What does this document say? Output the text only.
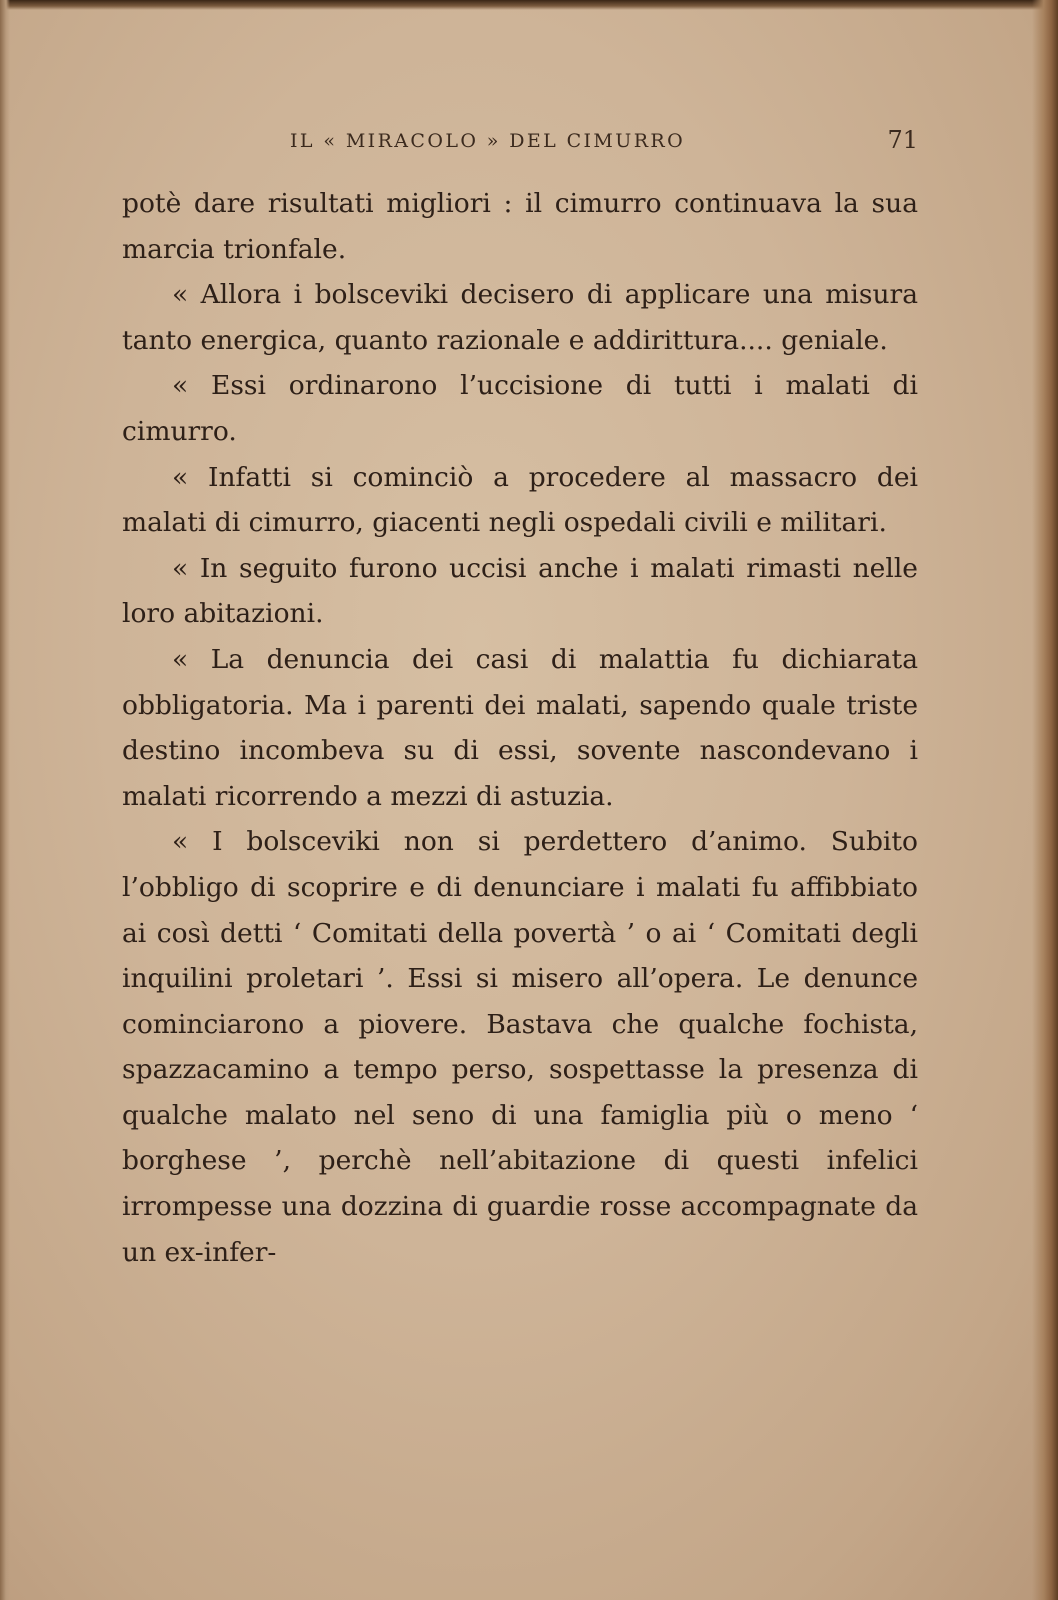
IL « MIRACOLO » DEL CIMURRO	71

potè dare risultati migliori : il cimurro continuava la sua marcia trionfale.

« Allora i bolsceviki decisero di applicare una misura tanto energica, quanto razionale e addirittura.... geniale.

« Essi ordinarono l’uccisione di tutti i malati di cimurro.

« Infatti si cominciò a procedere al massacro dei malati di cimurro, giacenti negli ospedali civili e militari.

« In seguito furono uccisi anche i malati rimasti nelle loro abitazioni.

« La denuncia dei casi di malattia fu dichiarata obbligatoria. Ma i parenti dei malati, sapendo quale triste destino incombeva su di essi, sovente nascondevano i malati ricorrendo a mezzi di astuzia.

« I bolsceviki non si perdettero d’animo. Subito l’obbligo di scoprire e di denunciare i malati fu affibbiato ai così detti ‘ Comitati della povertà ’ o ai ‘ Comitati degli inquilini proletari ’. Essi si misero all’opera. Le denunce cominciarono a piovere. Bastava che qualche fochista, spazzacamino a tempo perso, sospettasse la presenza di qualche malato nel seno di una famiglia più o meno ‘ borghese ’, perchè nell’abitazione di questi infelici irrompesse una dozzina di guardie rosse accompagnate da un ex-infer-
